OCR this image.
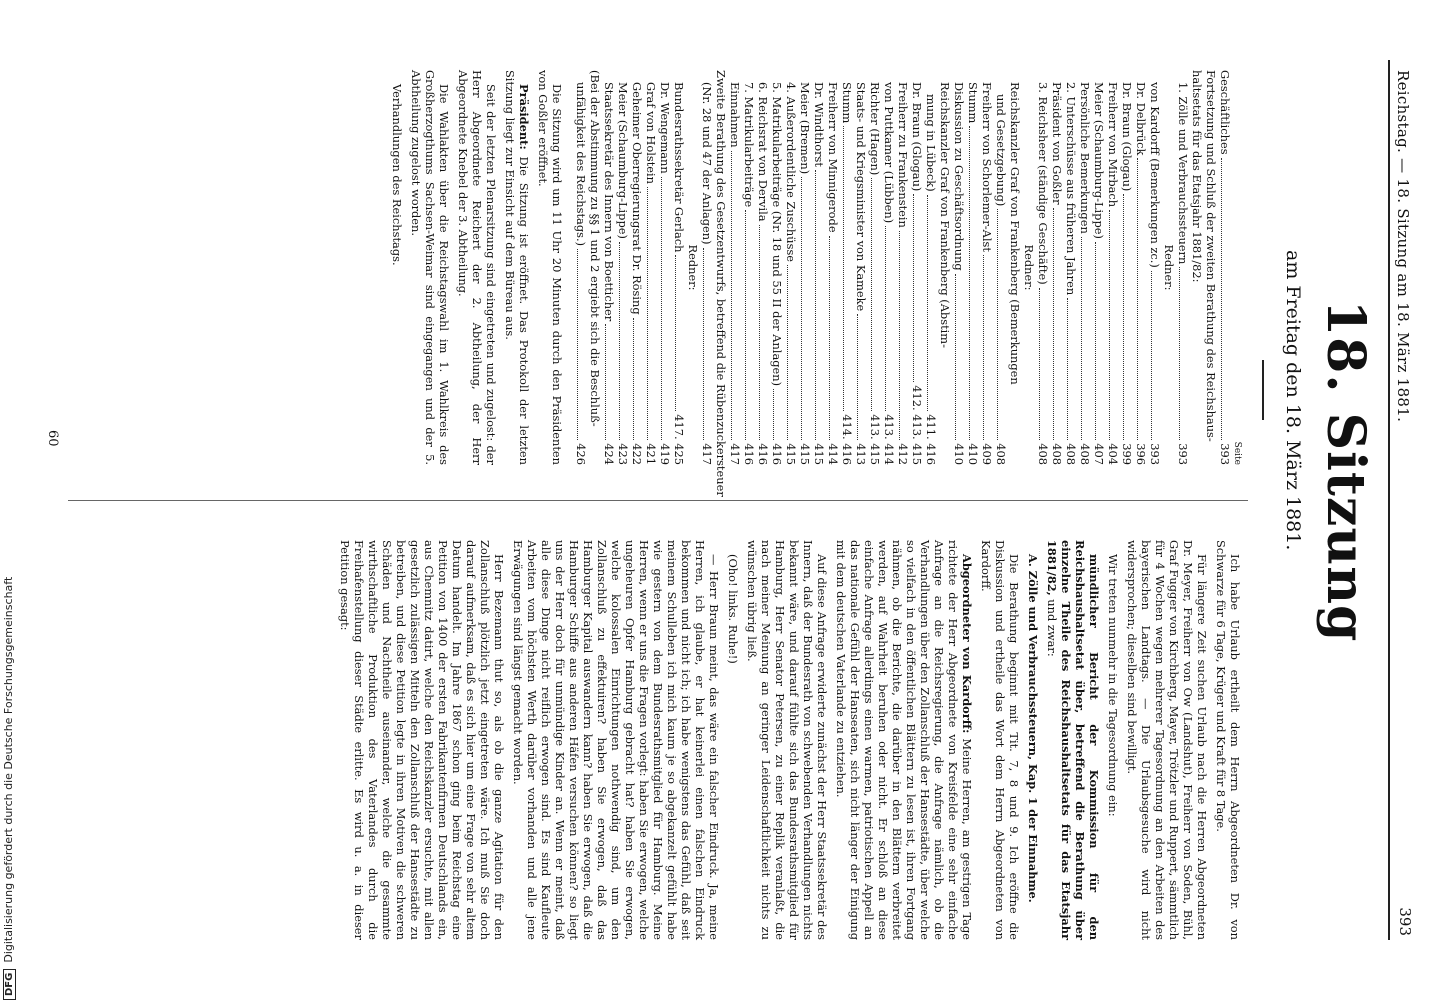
Reichstag. — 18. Sitzung am 18. März 1881.
393
18. Sitzung
am Freitag den 18. März 1881.
Seite
Geschäftliches
393
Fortsetzung und Schluß der zweiten Berathung des Reichshaus-
haltsetats für das Etatsjahr 1881/82:
1. Zölle und Verbrauchssteuern
393
Redner:
von Kardorff (Bemerkungen zc.)
393
Dr. Delbrück
396
Dr. Braun (Glogau)
399
Freiherr von Mirbach
404
Meier (Schaumburg-Lippe)
407
Persönliche Bemerkungen
408
2. Unterschüsse aus früheren Jahren
408
Präsident von Goßler
408
3. Reichsheer (ständige Geschäfte)
408
Redner:
Reichskanzler Graf von Frankenberg (Bemerkungen
und Gesetzgebung)
408
Freiherr von Schorlemer-Alst
409
Stumm
410
Diskussion zu Geschäftsordnung
410
Reichskanzler Graf von Frankenberg (Abstim-
mung in Lübeck)
411. 416
Dr. Braun (Glogau)
412. 413. 415
Freiherr zu Frankenstein
412
von Puttkamer (Lübben)
413. 414
Richter (Hagen)
413. 415
Staats- und Kriegsminister von Kameke
413
Stumm
414. 416
Freiherr von Minnigerode
414
Dr. Windthorst
415
Meier (Bremen)
415
4. Außerordentliche Zuschüsse
415
5. Matrikularbeiträge (Nr. 18 und 55 II der Anlagen)
416
6. Reichsrat von Dervila
416
7. Matrikularbeiträge
416
Einnahmen
417
Zweite Berathung des Gesetzentwurfs, betreffend die Rübenzuckersteuer
(Nr. 28 und 47 der Anlagen)
417
Redner:
Bundesrathssekretär Gerlach
417. 425
Dr. Wengemann
419
Graf von Holstein
421
Geheimer Oberregierungsrat Dr. Rösing
422
Meier (Schaumburg-Lippe)
423
Staatssekretär des Innern von Boetticher
424
(Bei der Abstimmung zu §§ 1 und 2 ergiebt sich die Beschluß-
unfähigkeit des Reichstags.)
426

Die Sitzung wird um 11 Uhr 20 Minuten durch den Präsidenten von Goßler eröffnet.

Präsident: Die Sitzung ist eröffnet. Das Protokoll der letzten Sitzung liegt zur Einsicht auf dem Büreau aus.

Seit der letzten Plenarsitzung sind eingetreten und zugelost: der Herr Abgeordnete Reichert der 2. Abtheilung, der Herr Abgeordnete Knebel der 3. Abtheilung.

Die Wahlakten über die Reichstagswahl im 1. Wahlkreis des Großherzogthums Sachsen-Weimar sind eingegangen und der 5. Abtheilung zugelost worden.

Verhandlungen des Reichstags.

Ich habe Urlaub ertheilt dem Herrn Abgeordneten Dr. von Schwarze für 6 Tage, Krüger und Kraft für 8 Tage.

Für längere Zeit suchen Urlaub nach die Herren Abgeordneten Dr. Meyer, Freiherr von Ow (Landshut), Freiherr von Soden, Bühl, Graf Fugger von Kirchberg, Mayer, Trötzler und Ruppert, sämmtlich für 4 Wochen wegen mehrerer Tagesordnung an den Arbeiten des bayerischen Landtags. — Die Urlaubsgesuche wird nicht widersprochen; dieselben sind bewilligt.

Wir treten nunmehr in die Tagesordnung ein:

mündlicher Bericht der Kommission für den Reichshaushaltsetat über, betreffend die Berathung über einzelne Theile des Reichshaushaltsetats für das Etatsjahr 1881/82, und zwar:

A. Zölle und Verbrauchssteuern, Kap. 1 der Einnahme.

Die Berathung beginnt mit Tit. 7, 8 und 9. Ich eröffne die Diskussion und ertheile das Wort dem Herrn Abgeordneten von Kardorff.

Abgeordneter von Kardorff: Meine Herren, am gestrigen Tage richtete der Herr Abgeordnete von Kreisfelde eine sehr einfache Anfrage an die Reichsregierung, die Anfrage nämlich, ob die Verhandlungen über den Zollanschluß der Hansestädte, über welche so vielfach in den öffentlichen Blättern zu lesen ist, ihren Fortgang nähmen, ob die Berichte, die darüber in den Blättern verbreitet werden, auf Wahrheit beruhen oder nicht. Er schloß an diese einfache Anfrage allerdings einen warmen, patriotischen Appell an das nationale Gefühl der Hanseaten, sich nicht länger der Einigung mit dem deutschen Vaterlande zu entziehen.

Auf diese Anfrage erwiderte zunächst der Herr Staatssekretär des Innern, daß der Bundesrath von schwebenden Verhandlungen nichts bekannt wäre, und darauf fühlte sich das Bundesrathsmitglied für Hamburg, Herr Senator Petersen, zu einer Replik veranlaßt, die nach meiner Meinung an geringer Leidenschaftlichkeit nichts zu wünschen übrig ließ.

(Oho! links. Ruhe!)

— Herr Braun meint, das wäre ein falscher Eindruck. Ja, meine Herren, ich glaube, er hat keinerlei einen falschen Eindruck bekommen und nicht ich; ich habe wenigstens das Gefühl, daß seit meinem Schulleben ich mich kaum je so abgekanzelt gefühlt habe wie gestern von dem Bundesrathsmitglied für Hamburg. Meine Herren, wenn er uns die Fragen vorlegt: haben Sie erwogen, welche ungeheuren Opfer Hamburg gebracht hat? haben Sie erwogen, welche kolossalen Einrichtungen nothwendig sind, um den Zollanschluß zu effektuiren? haben Sie erwogen, daß das Hamburger Kapital auswandern kann? haben Sie erwogen, daß die Hamburger Schiffe aus anderen Häfen versuchen können? so liegt uns der Herr doch für unmündige Kinder an. Wenn er meint, daß alle diese Dinge nicht reiflich erwogen sind. Es sind Kaufleute Arbeiten vom höchsten Werth darüber vorhanden und alle jene Erwägungen sind längst gemacht worden.

Herr Bezemann thut so, als ob die ganze Agitation für den Zollanschluß plötzlich jetzt eingetreten wäre. Ich muß Sie doch darauf aufmerksam, daß es sich hier um eine Frage von sehr altem Datum handelt. Im Jahre 1867 schon ging beim Reichstag eine Petition von 1400 der ersten Fabrikantenfirmen Deutschlands ein, aus Chemnitz datirt, welche den Reichskanzler ersuchte, mit allen gesetzlich zulässigen Mitteln den Zollanschluß der Hansestädte zu betreiben, und diese Petition legte in ihren Motiven die schweren Schäden und Nachtheile auseinander, welche die gesammte wirthschaftliche Produktion des Vaterlandes durch die Freihafenstellung dieser Städte erlitte. Es wird u. a. in dieser Petition gesagt:

60
DFGDigitalisierung gefördert durch die Deutsche Forschungsgemeinschaft
